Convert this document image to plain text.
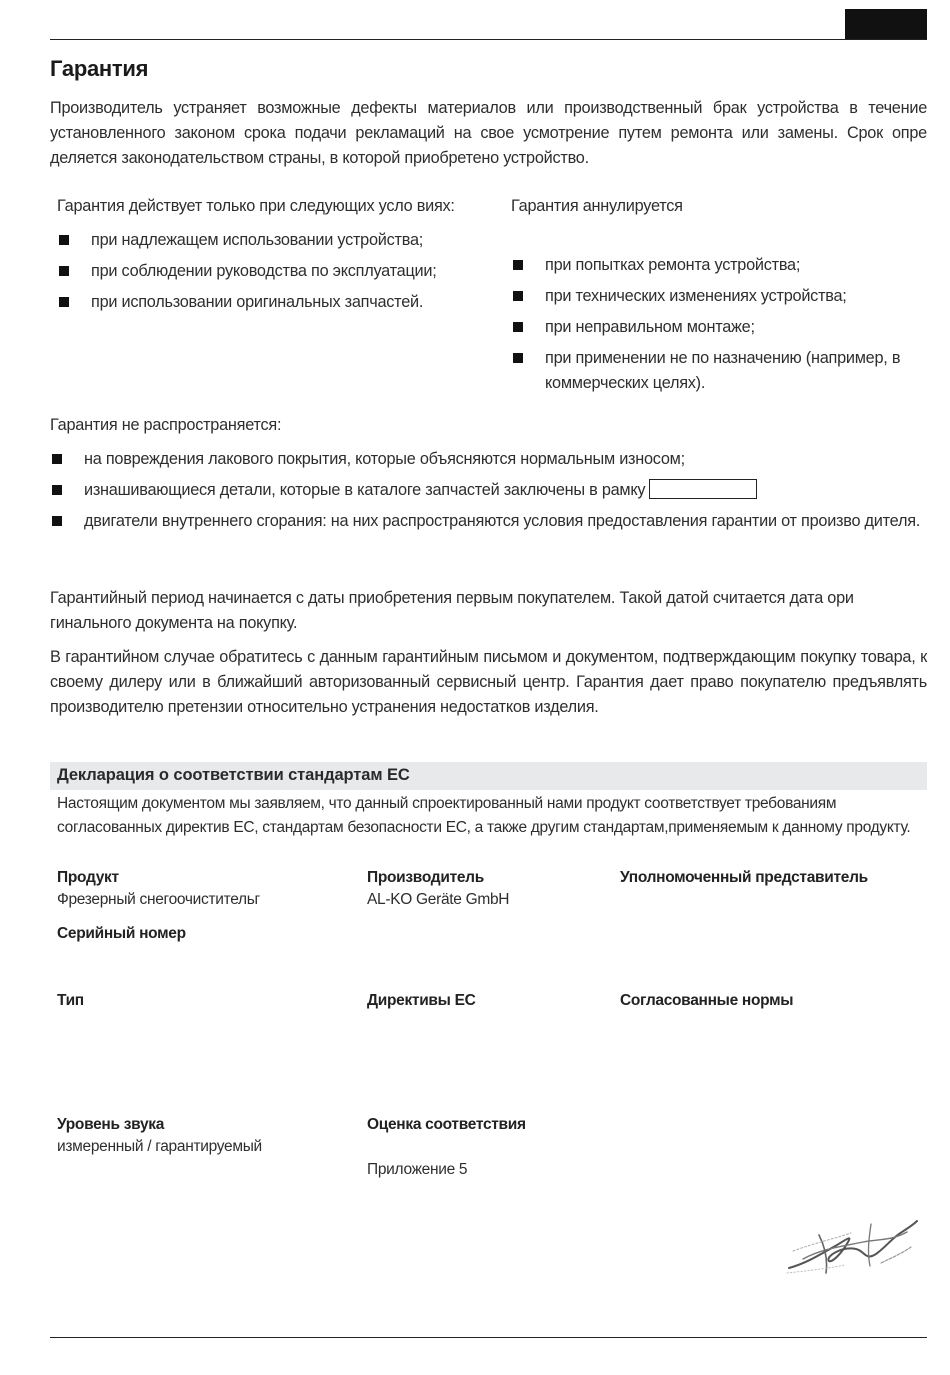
Гарантия

Производитель устраняет возможные дефекты материалов или производственный брак устройства в течение установленного законом срока подачи рекламаций на свое усмотрение путем ремонта или замены. Срок опре деляется законодательством страны, в которой приобретено устройство.

Гарантия действует только при следующих усло виях:

при надлежащем использовании устройства;
при соблюдении руководства по эксплуатации;
при использовании оригинальных запчастей.

Гарантия аннулируется

при попытках ремонта устройства;
при технических изменениях устройства;
при неправильном монтаже;
при применении не по назначению (например, в коммерческих целях).

Гарантия не распространяется:

на повреждения лакового покрытия, которые объясняются нормальным износом;
изнашивающиеся детали, которые в каталоге запчастей заключены в рамку
двигатели внутреннего сгорания: на них распространяются условия предоставления гарантии от произво дителя.

Гарантийный период начинается с даты приобретения первым покупателем. Такой датой считается дата ори гинального документа на покупку.

В гарантийном случае обратитесь с данным гарантийным письмом и документом, подтверждающим покупку товара, к своему дилеру или в ближайший авторизованный сервисный центр. Гарантия дает право покупателю предъявлять производителю претензии относительно устранения недостатков изделия.

Декларация о соответствии стандартам ЕС

Настоящим документом мы заявляем, что данный спроектированный нами продукт соответствует требованиям согласованных директив ЕС, стандартам безопасности ЕС, а также другим стандартам,применяемым к данному продукту.

Продукт
Фрезерный снегоочистительг
Производитель
AL-KO Geräte GmbH
Уполномоченный представитель
Серийный номер
Тип	Директивы ЕС	Согласованные нормы
Уровень звука
измеренный / гарантируемый
Оценка соответствия
Приложение 5
